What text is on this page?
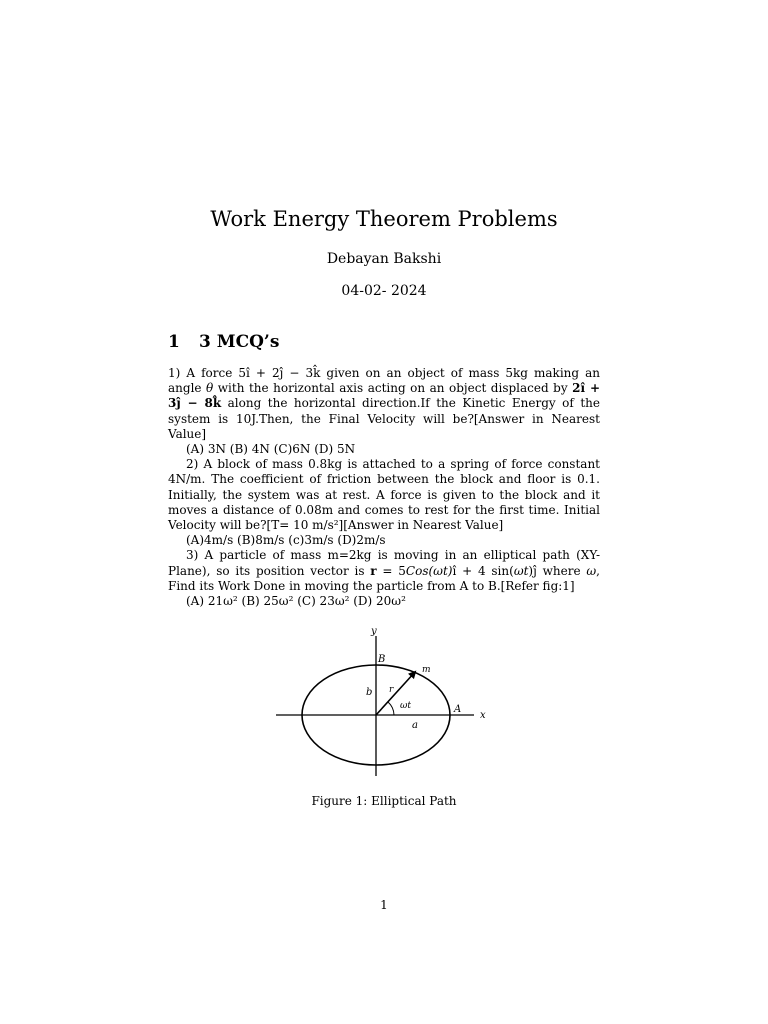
Work Energy Theorem Problems
Debayan Bakshi
04-02- 2024
1 3 MCQ’s

1) A force 5î + 2ĵ − 3k̂ given on an object of mass 5kg making an angle θ with the horizontal axis acting on an object displaced by 2î + 3ĵ − 8k̂ along the horizontal direction.If the Kinetic Energy of the system is 10J.Then, the Final Velocity will be?[Answer in Nearest Value]

(A) 3N (B) 4N (C)6N (D) 5N

2) A block of mass 0.8kg is attached to a spring of force constant 4N/m. The coefficient of friction between the block and floor is 0.1. Initially, the system was at rest. A force is given to the block and it moves a distance of 0.08m and comes to rest for the first time. Initial Velocity will be?[T= 10 m/s²][Answer in Nearest Value]

(A)4m/s (B)8m/s (c)3m/s (D)2m/s

3) A particle of mass m=2kg is moving in an elliptical path (XY-Plane), so its position vector is r = 5Cos(ωt)î + 4 sin(ωt)ĵ where ω, Find its Work Done in moving the particle from A to B.[Refer fig:1]

(A) 21ω² (B) 25ω² (C) 23ω² (D) 20ω²

y
x
B
A
m
b r
ωt
a
Figure 1: Elliptical Path
1
